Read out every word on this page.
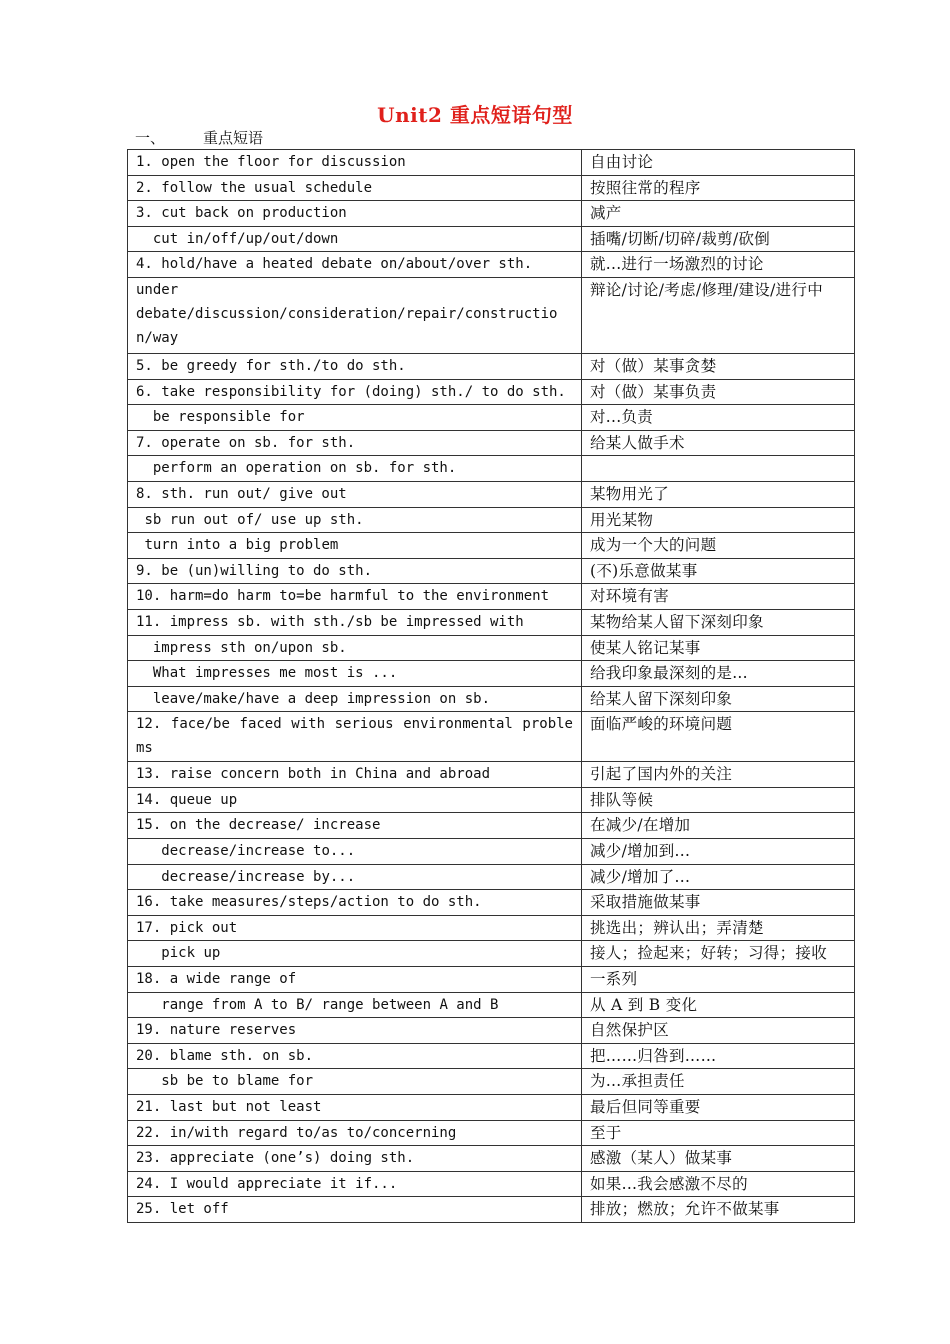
Unit2 重点短语句型
一、	重点短语
1. open the floor for discussion	自由讨论
2. follow the usual schedule	按照往常的程序
3. cut back on production	减产
cut in/off/up/out/down	插嘴/切断/切碎/裁剪/砍倒
4. hold/have a heated debate on/about/over sth.	就...进行一场激烈的讨论

under
debate/discussion/consideration/repair/construction/way	辩论/讨论/考虑/修理/建设/进行中
5. be greedy for sth./to do sth.	对（做）某事贪婪
6. take responsibility for (doing) sth./ to do sth.	对（做）某事负责
be responsible for	对...负责
7. operate on sb. for sth.	给某人做手术
perform an operation on sb. for sth.	
8. sth. run out/ give out	某物用光了
sb run out of/ use up sth.	用光某物
turn into a big problem	成为一个大的问题
9. be (un)willing to do sth.	(不)乐意做某事
10. harm=do harm to=be harmful to the environment	对环境有害
11. impress sb. with sth./sb be impressed with	某物给某人留下深刻印象
impress sth on/upon sb.	使某人铭记某事
What impresses me most is ...	给我印象最深刻的是...
leave/make/have a deep impression on sb.	给某人留下深刻印象
12. face/be faced with serious environmental problems	面临严峻的环境问题
13. raise concern both in China and abroad	引起了国内外的关注
14. queue up	排队等候
15. on the decrease/ increase	在减少/在增加
decrease/increase to...	减少/增加到...
decrease/increase by...	减少/增加了...
16. take measures/steps/action to do sth.	采取措施做某事
17. pick out	挑选出；辨认出；弄清楚
pick up	接人；捡起来；好转；习得；接收
18. a wide range of	一系列
range from A to B/ range between A and B	从 A 到 B 变化
19. nature reserves	自然保护区
20. blame sth. on sb.	把……归咎到……
sb be to blame for	为…承担责任
21. last but not least	最后但同等重要
22. in/with regard to/as to/concerning	至于
23. appreciate (one’s) doing sth.	感激（某人）做某事
24. I would appreciate it if...	如果...我会感激不尽的
25. let off	排放；燃放；允许不做某事
